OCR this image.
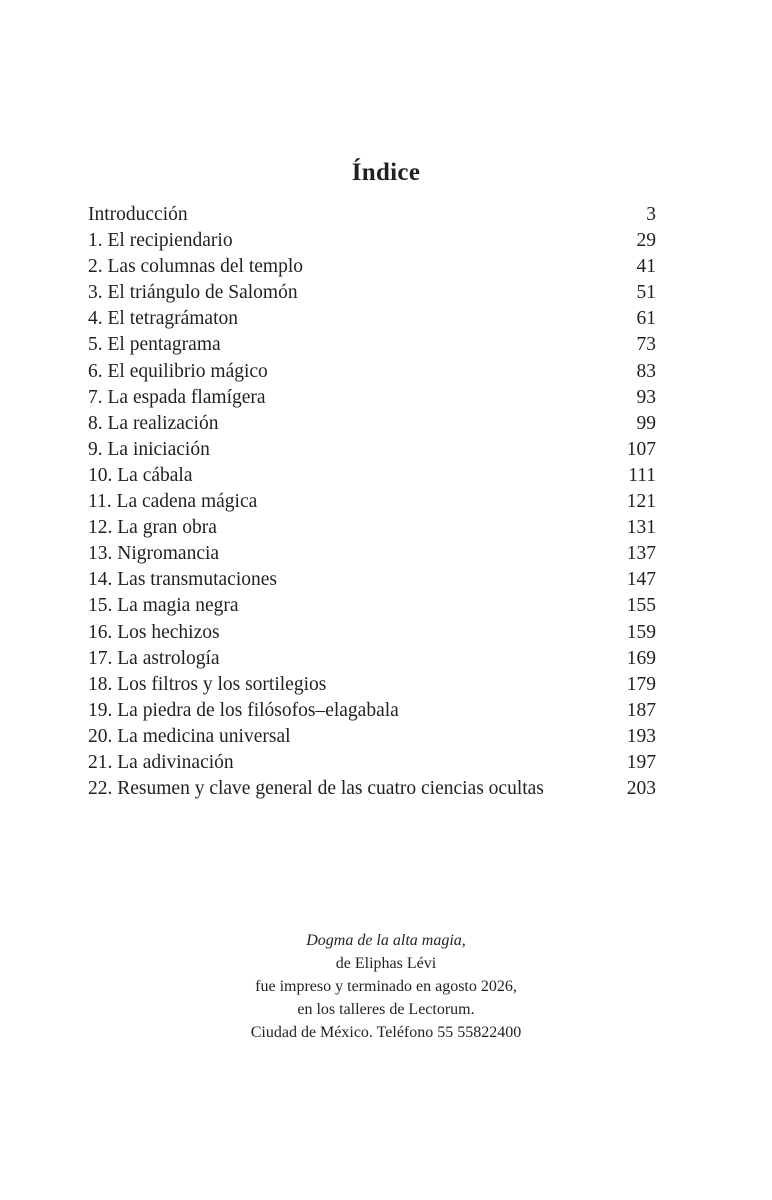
Índice
Introducción	3
1. El recipiendario	29
2. Las columnas del templo	41
3. El triángulo de Salomón	51
4. El tetragrámaton	61
5. El pentagrama	73
6. El equilibrio mágico	83
7. La espada flamígera	93
8. La realización	99
9. La iniciación	107
10. La cábala	111
11. La cadena mágica	121
12. La gran obra	131
13. Nigromancia	137
14. Las transmutaciones	147
15. La magia negra	155
16. Los hechizos	159
17. La astrología	169
18. Los filtros y los sortilegios	179
19. La piedra de los filósofos–elagabala	187
20. La medicina universal	193
21. La adivinación	197
22. Resumen y clave general de las cuatro ciencias ocultas	203
Dogma de la alta magia,
de Eliphas Lévi
fue impreso y terminado en agosto 2026,
en los talleres de Lectorum.
Ciudad de México. Teléfono 55 55822400
